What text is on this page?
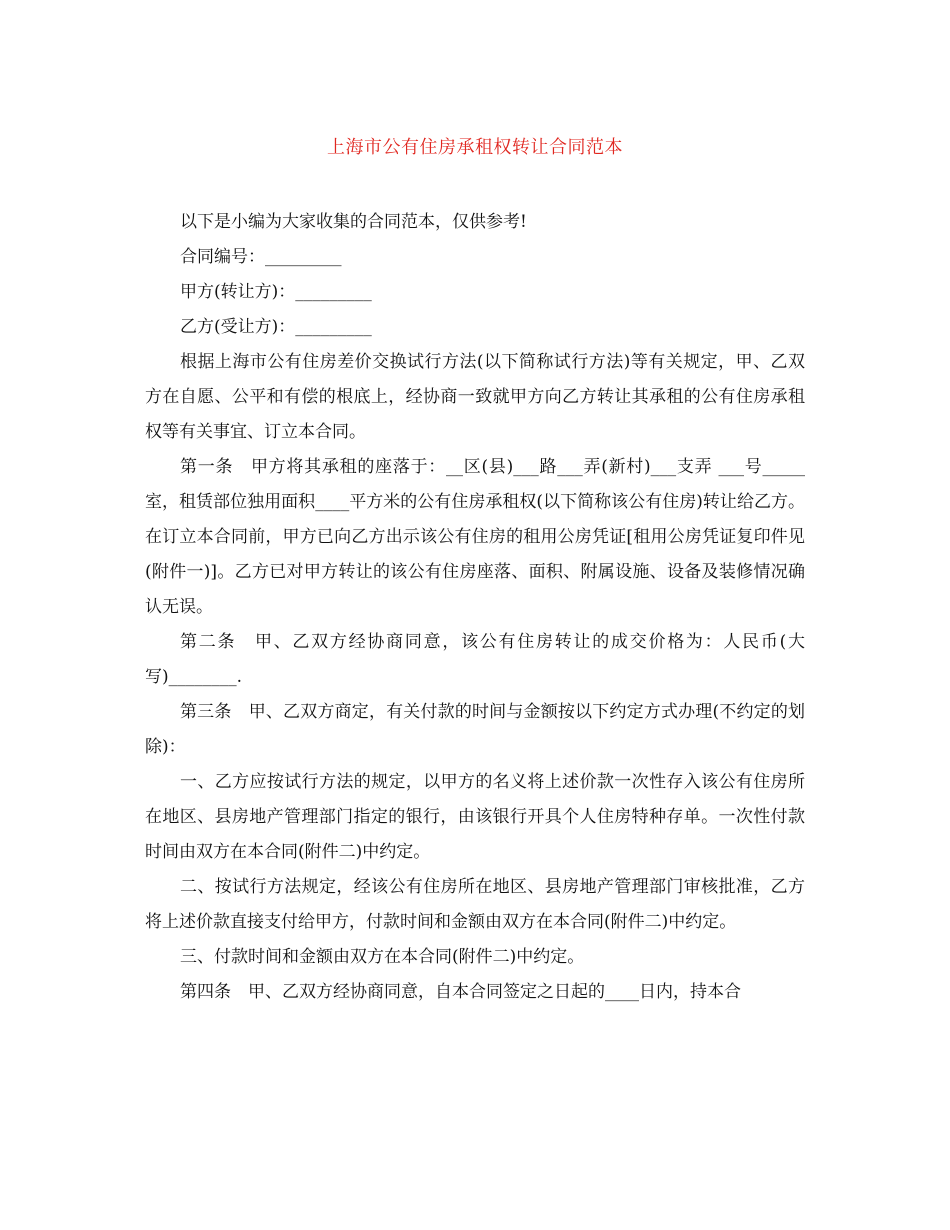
上海市公有住房承租权转让合同范本

以下是小编为大家收集的合同范本，仅供参考!

合同编号：_________

甲方(转让方)：_________

乙方(受让方)：_________

根据上海市公有住房差价交换试行方法(以下简称试行方法)等有关规定，甲、乙双方在自愿、公平和有偿的根底上，经协商一致就甲方向乙方转让其承租的公有住房承租权等有关事宜、订立本合同。

第一条　甲方将其承租的座落于：__区(县)___路___弄(新村)___支弄 ___号_____室，租赁部位独用面积____平方米的公有住房承租权(以下简称该公有住房)转让给乙方。在订立本合同前，甲方已向乙方出示该公有住房的租用公房凭证[租用公房凭证复印件见(附件一)]。乙方已对甲方转让的该公有住房座落、面积、附属设施、设备及装修情况确认无误。

第二条　甲、乙双方经协商同意，该公有住房转让的成交价格为：人民币(大写)________.

第三条　甲、乙双方商定，有关付款的时间与金额按以下约定方式办理(不约定的划除)：

一、乙方应按试行方法的规定，以甲方的名义将上述价款一次性存入该公有住房所在地区、县房地产管理部门指定的银行，由该银行开具个人住房特种存单。一次性付款时间由双方在本合同(附件二)中约定。

二、按试行方法规定，经该公有住房所在地区、县房地产管理部门审核批准，乙方将上述价款直接支付给甲方，付款时间和金额由双方在本合同(附件二)中约定。

三、付款时间和金额由双方在本合同(附件二)中约定。

第四条　甲、乙双方经协商同意，自本合同签定之日起的____日内，持本合
